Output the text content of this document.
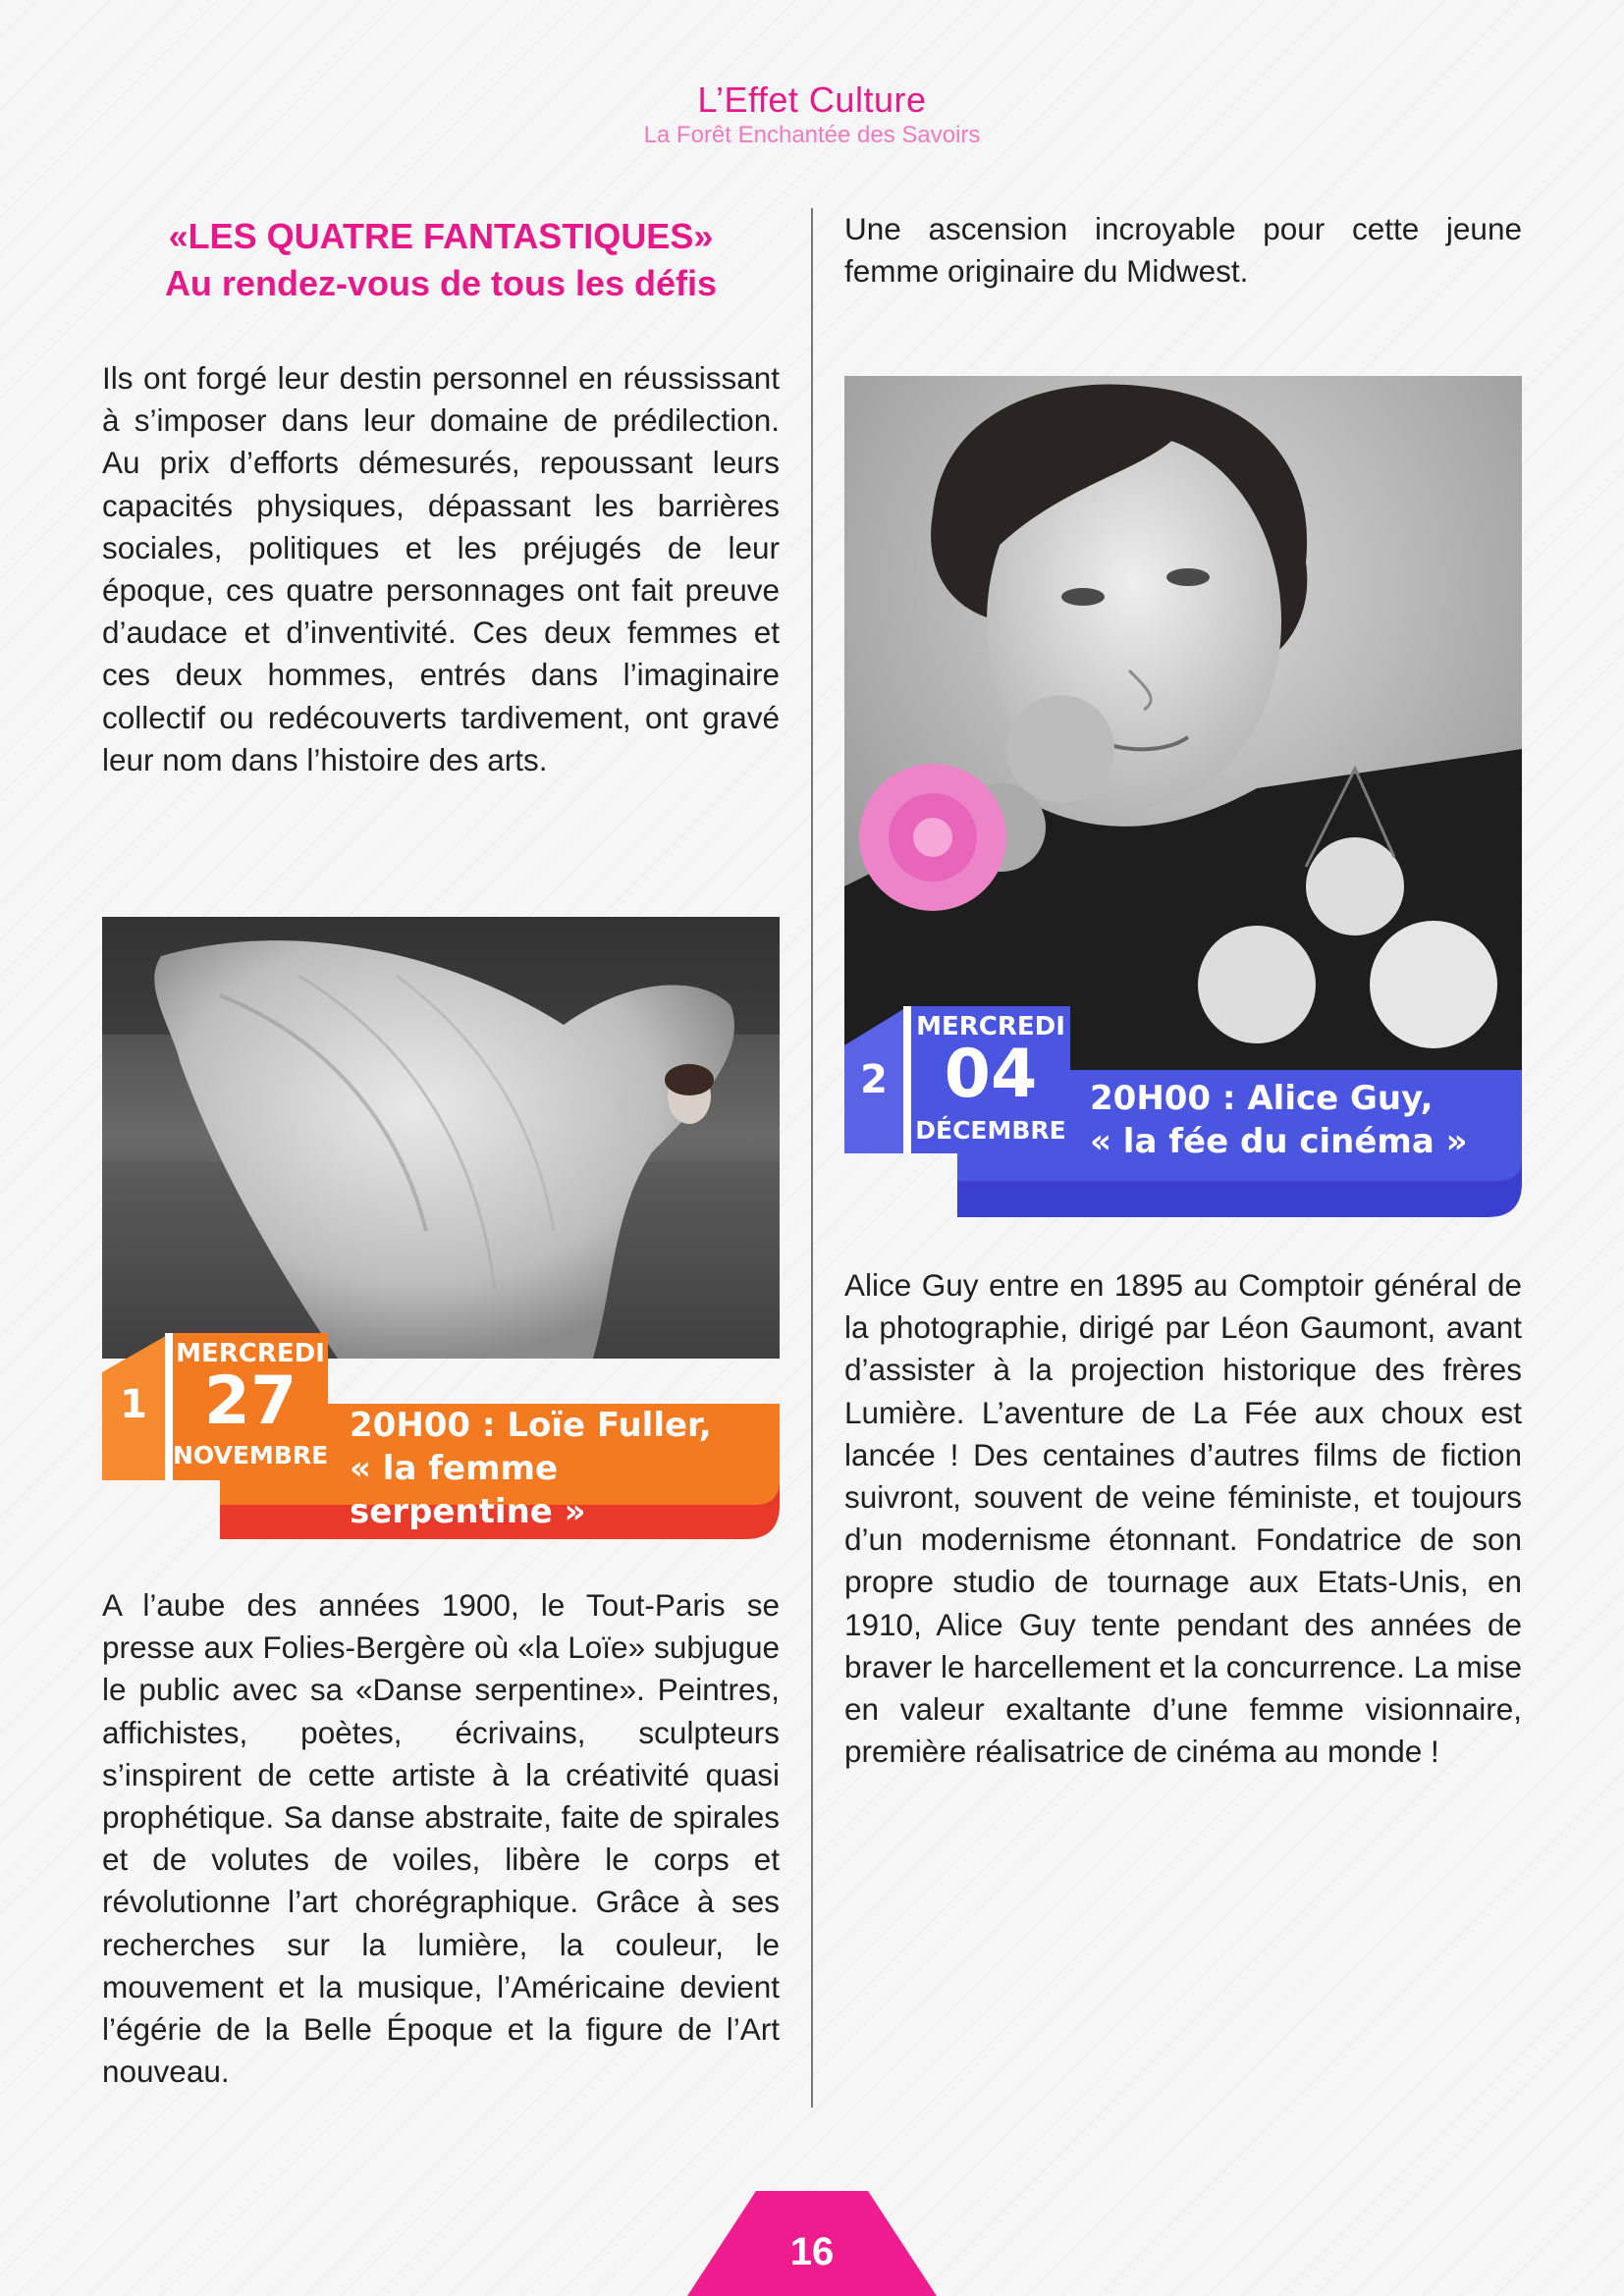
L’Effet Culture
La Forêt Enchantée des Savoirs
«LES QUATRE FANTASTIQUES»
Au rendez-vous de tous les défis

Ils ont forgé leur destin personnel en réussissant à s’imposer dans leur domaine de prédilection. Au prix d’efforts démesurés, repoussant leurs capacités physiques, dépassant les barrières sociales, politiques et les préjugés de leur époque, ces quatre personnages ont fait preuve d’audace et d’inventivité. Ces deux femmes et ces deux hommes, entrés dans l’imaginaire collectif ou redécouverts tardivement, ont gravé leur nom dans l’histoire des arts.

1
MERCREDI
27
NOVEMBRE
20H00 : Loïe Fuller,
« la femme
serpentine »

A l’aube des années 1900, le Tout-Paris se presse aux Folies-Bergère où «la Loïe» subjugue le public avec sa «Danse serpentine». Peintres, affichistes, poètes, écrivains, sculpteurs s’inspirent de cette artiste à la créativité quasi prophétique. Sa danse abstraite, faite de spirales et de volutes de voiles, libère le corps et révolutionne l’art chorégraphique. Grâce à ses recherches sur la lumière, la couleur, le mouvement et la musique, l’Américaine devient l’égérie de la Belle Époque et la figure de l’Art nouveau.

Une ascension incroyable pour cette jeune femme originaire du Midwest.

2
MERCREDI
04
DÉCEMBRE
20H00 : Alice Guy,
« la fée du cinéma »

Alice Guy entre en 1895 au Comptoir général de la photographie, dirigé par Léon Gaumont, avant d’assister à la projection historique des frères Lumière. L’aventure de La Fée aux choux est lancée ! Des centaines d’autres films de fiction suivront, souvent de veine féministe, et toujours d’un modernisme étonnant. Fondatrice de son propre studio de tournage aux Etats-Unis, en 1910, Alice Guy tente pendant des années de braver le harcellement et la concurrence. La mise en valeur exaltante d’une femme visionnaire, première réalisatrice de cinéma au monde !

16
